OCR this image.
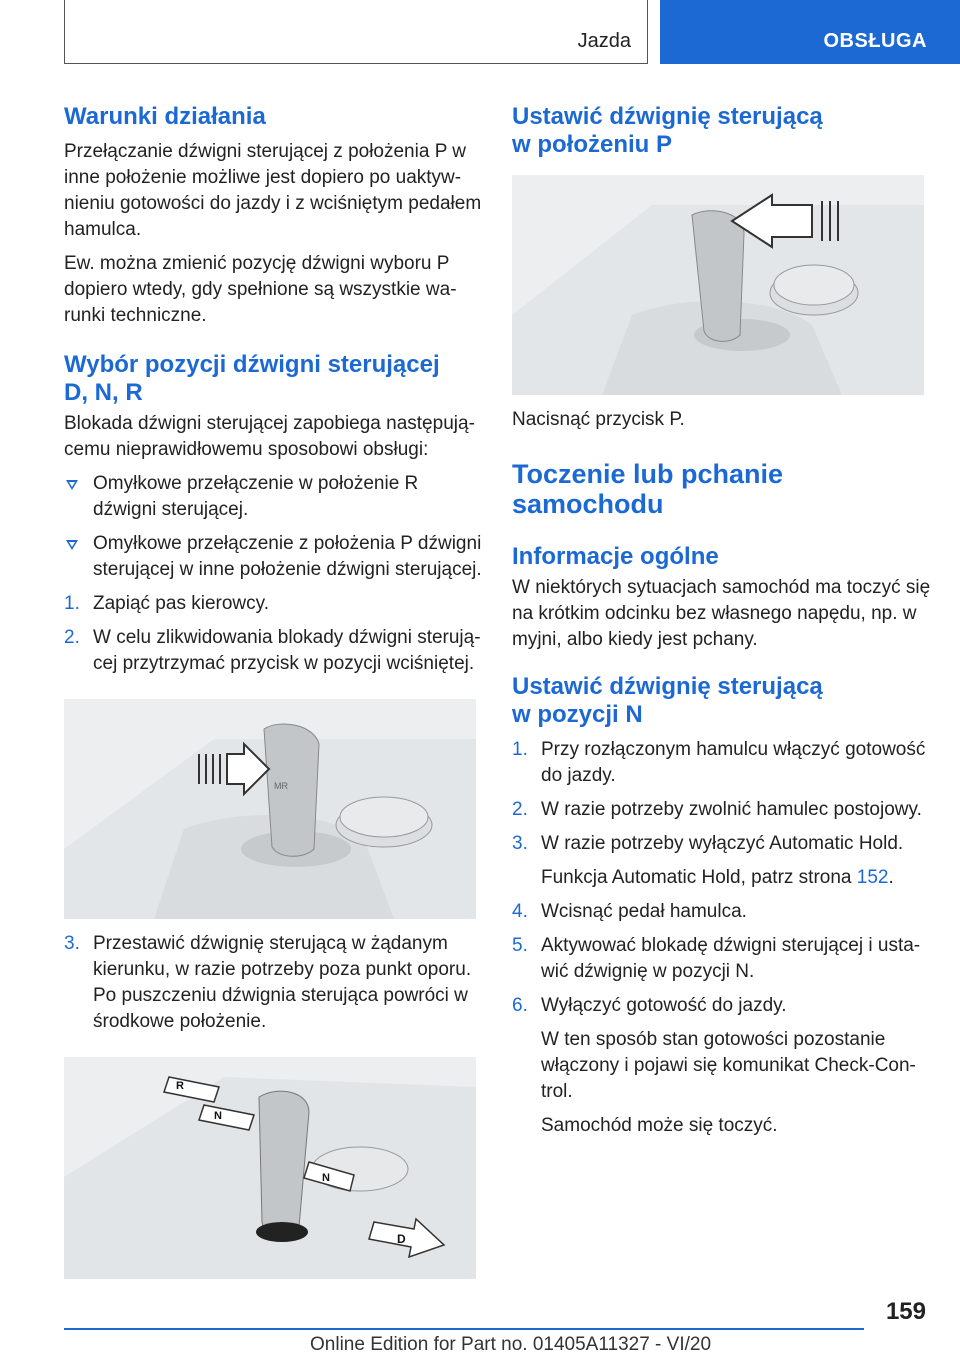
Jazda	OBSŁUGA
Warunki działania

Przełączanie dźwigni sterującej z położenia P w inne położenie możliwe jest dopiero po uaktywnieniu gotowości do jazdy i z wciśniętym pedałem hamulca.

Ew. można zmienić pozycję dźwigni wyboru P dopiero wtedy, gdy spełnione są wszystkie warunki techniczne.

Wybór pozycji dźwigni sterującej
D, N, R

Blokada dźwigni sterującej zapobiega następującemu nieprawidłowemu sposobowi obsługi:

Omyłkowe przełączenie w położenie R dźwigni sterującej.
Omyłkowe przełączenie z położenia P dźwigni sterującej w inne położenie dźwigni sterującej.
1. Zapiąć pas kierowcy.
2. W celu zlikwidowania blokady dźwigni sterującej przytrzymać przycisk w pozycji wciśniętej.
MR
3. Przestawić dźwignię sterującą w żądanym kierunku, w razie potrzeby poza punkt oporu. Po puszczeniu dźwignia sterująca powróci w środkowe położenie.
R
N
N
D
Ustawić dźwignię sterującą
w położeniu P

Nacisnąć przycisk P.

Toczenie lub pchanie
samochodu
Informacje ogólne

W niektórych sytuacjach samochód ma toczyć się na krótkim odcinku bez własnego napędu, np. w myjni, albo kiedy jest pchany.

Ustawić dźwignię sterującą
w pozycji N
1. Przy rozłączonym hamulcu włączyć gotowość do jazdy.
2. W razie potrzeby zwolnić hamulec postojowy.
3. W razie potrzeby wyłączyć Automatic Hold.
Funkcja Automatic Hold, patrz strona 152.
4. Wcisnąć pedał hamulca.
5. Aktywować blokadę dźwigni sterującej i ustawić dźwignię w pozycji N.
6. Wyłączyć gotowość do jazdy.
W ten sposób stan gotowości pozostanie włączony i pojawi się komunikat Check-Control.
Samochód może się toczyć.
159
Online Edition for Part no. 01405A11327 - VI/20
